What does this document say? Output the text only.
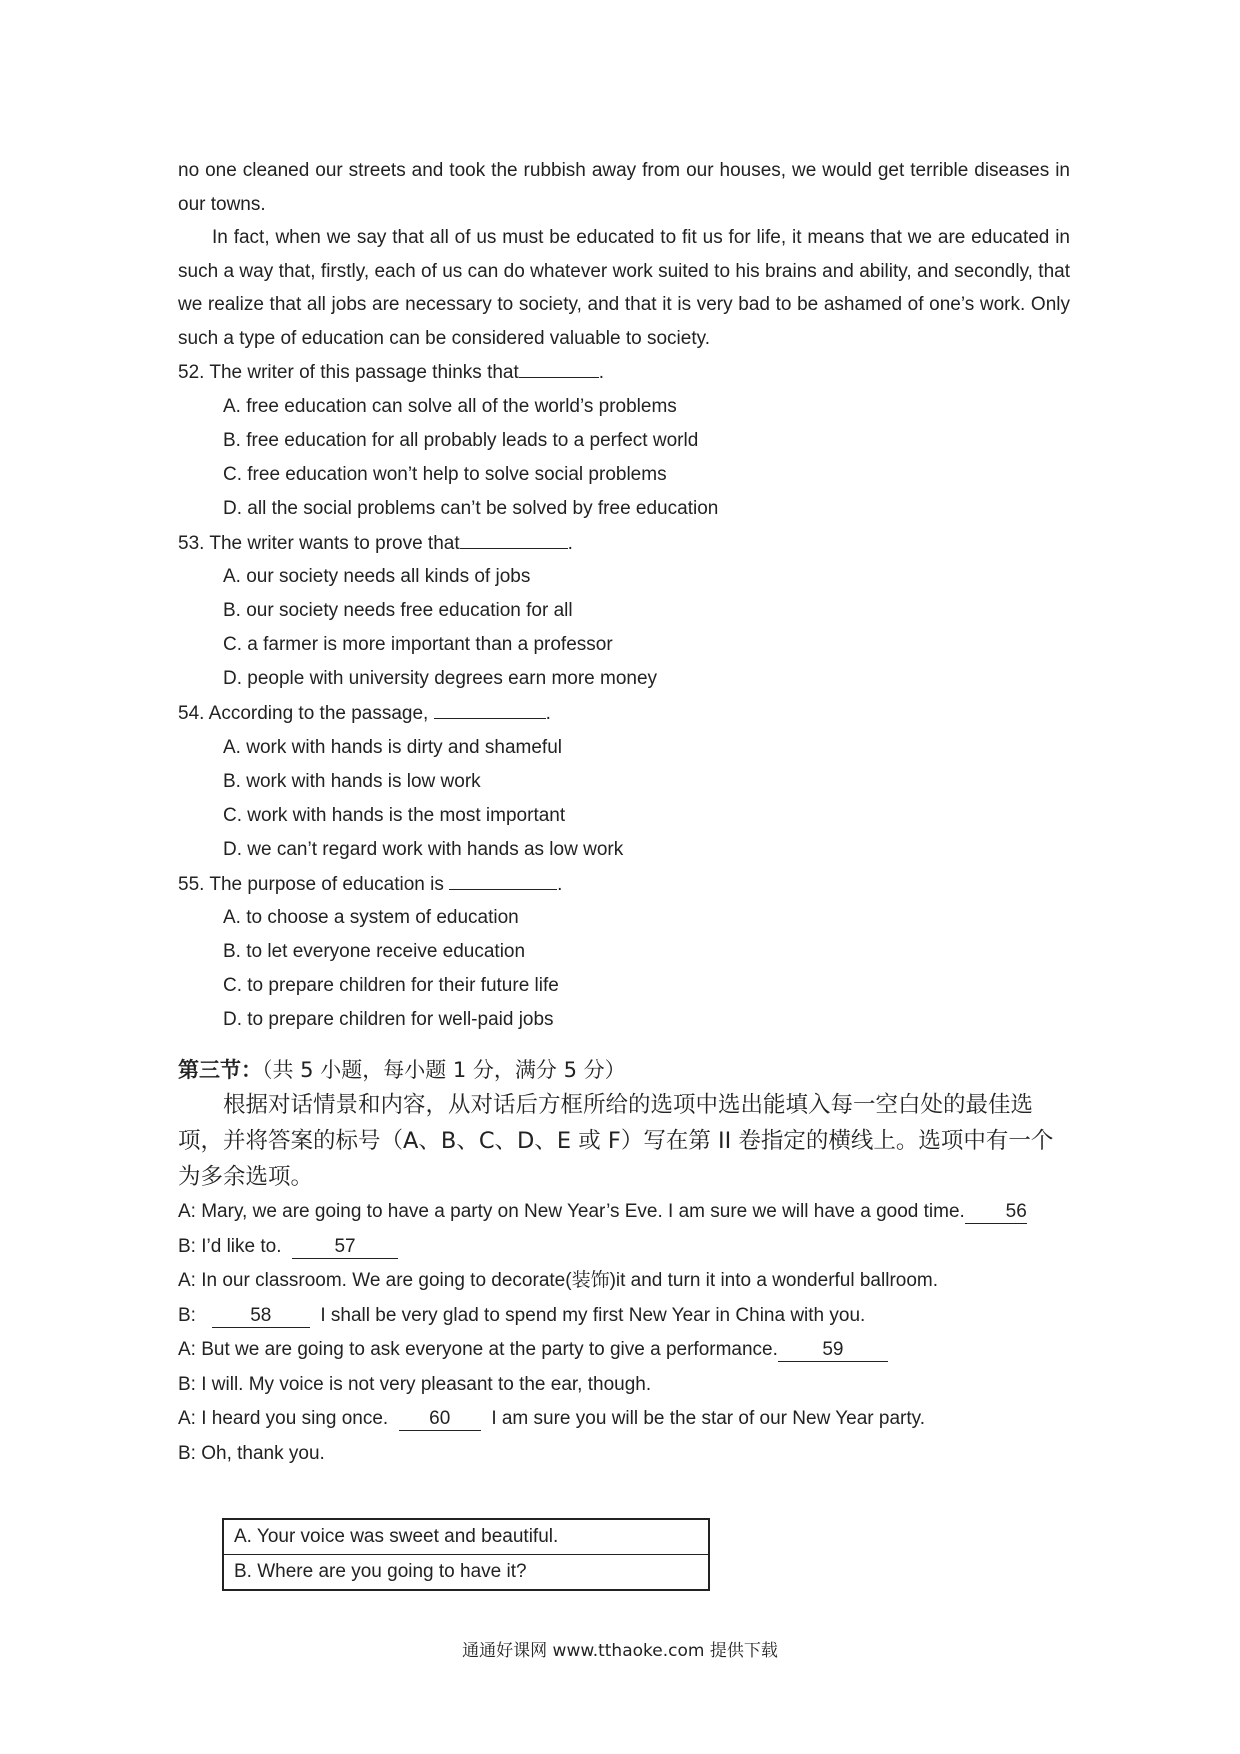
no one cleaned our streets and took the rubbish away from our houses, we would get terrible diseases in our towns.

In fact, when we say that all of us must be educated to fit us for life, it means that we are educated in such a way that, firstly, each of us can do whatever work suited to his brains and ability, and secondly, that we realize that all jobs are necessary to society, and that it is very bad to be ashamed of one’s work. Only such a type of education can be considered valuable to society.

52. The writer of this passage thinks that	.

A. free education can solve all of the world’s problems

B. free education for all probably leads to a perfect world

C. free education won’t help to solve social problems

D. all the social problems can’t be solved by free education

53. The writer wants to prove that	.

A. our society needs all kinds of jobs

B. our society needs free education for all

C. a farmer is more important than a professor

D. people with university degrees earn more money

54. According to the passage,	.

A. work with hands is dirty and shameful

B. work with hands is low work

C. work with hands is the most important

D. we can’t regard work with hands as low work

55. The purpose of education is	.

A. to choose a system of education

B. to let everyone receive education

C. to prepare children for their future life

D. to prepare children for well-paid jobs

第三节：（共 5 小题，每小题 1 分，满分 5 分）

根据对话情景和内容，从对话后方框所给的选项中选出能填入每一空白处的最佳选项，并将答案的标号（A、B、C、D、E 或 F）写在第 II 卷指定的横线上。选项中有一个为多余选项。

A: Mary, we are going to have a party on New Year’s Eve. I am sure we will have a good time. 56

B: I’d like to.	57

A: In our classroom. We are going to decorate(装饰)it and turn it into a wonderful ballroom.

B:	58	I shall be very glad to spend my first New Year in China with you.

A: But we are going to ask everyone at the party to give a performance. 59

B: I will. My voice is not very pleasant to the ear, though.

A: I heard you sing once. 60 I am sure you will be the star of our New Year party.

B: Oh, thank you.

A. Your voice was sweet and beautiful.
B. Where are you going to have it?
通通好课网 www.tthaoke.com 提供下载
